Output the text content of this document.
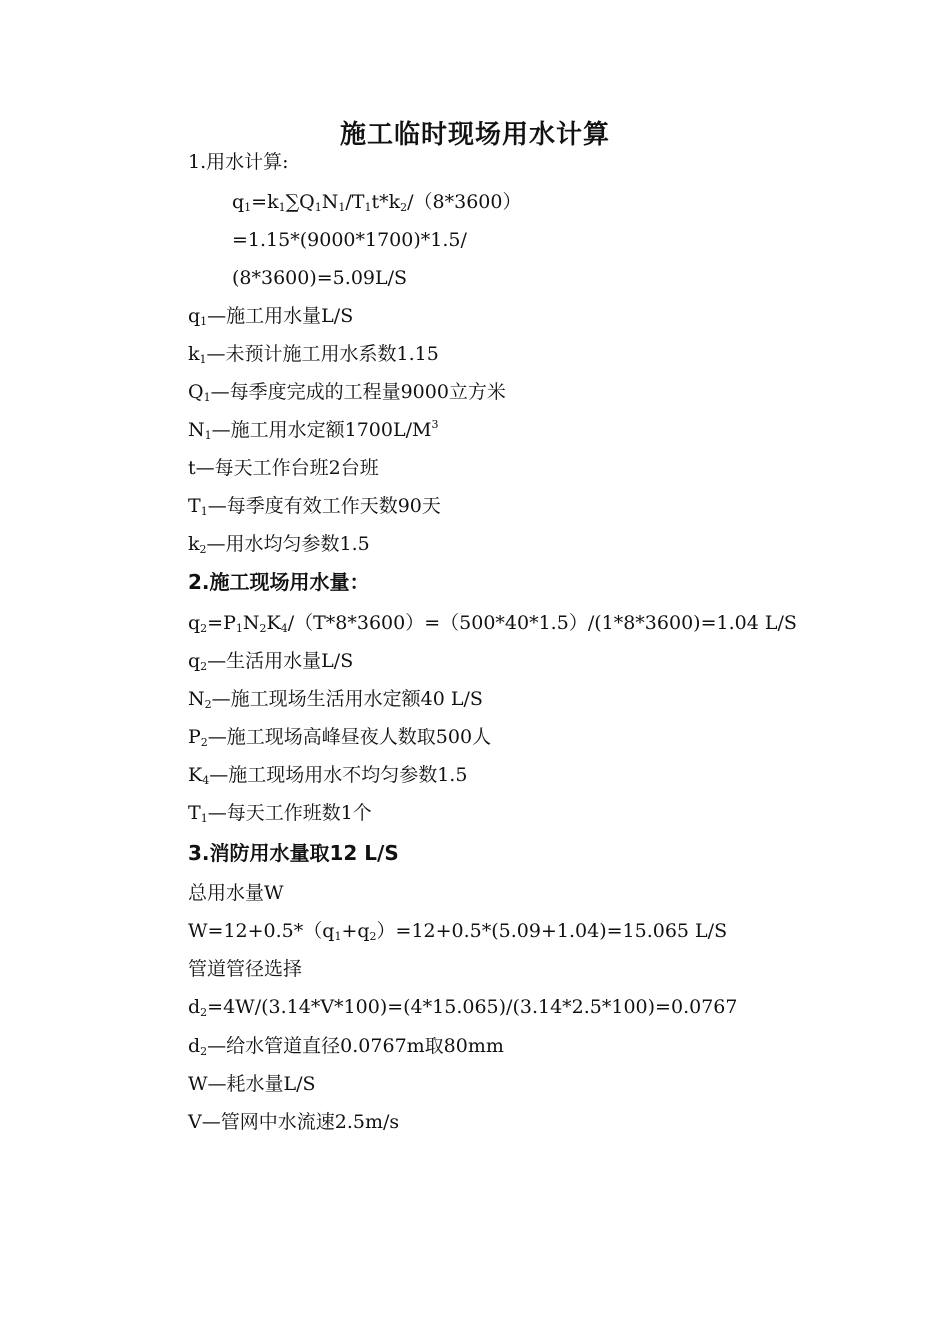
施工临时现场用水计算
1.用水计算:
$q_1=k_1\sum Q_1N_1/T_1t*k_2/(8*3600)$
=1.15*(9000*1700)*1.5/
(8*3600)=5.09L/S
$q_1—$施工用水量L/S
$k_1—$未预计施工用水系数1.15
$Q_1—$每季度完成的工程量9000立方米
$N_1—$施工用水定额$1700L/M^3$
t—每天工作台班2台班
$T_1—$每季度有效工作天数90天
$k_2—$用水均匀参数1.5
2.施工现场用水量：
$q_2=P_1N_2K_4/(T*8*3600)=(500*40*1.5)/(1*8*3600)=1.04$ L/S
$q_2—$生活用水量L/S
$N_2—$施工现场生活用水定额40 L/S
$P_2—$施工现场高峰昼夜人数取500人
$K_4—$施工现场用水不均匀参数1.5
$T_1—$每天工作班数1个
3.消防用水量取12 L/S
总用水量W
$W=12+0.5*(q_1+q_2)=12+0.5*(5.09+1.04)=15.065$ L/S
管道管径选择
$d_2=4W/(3.14*V*100)=(4*15.065)/(3.14*2.5*100)=0.0767$
$d_2—$给水管道直径0.0767m取80mm
W—耗水量L/S
V—管网中水流速2.5m/s
